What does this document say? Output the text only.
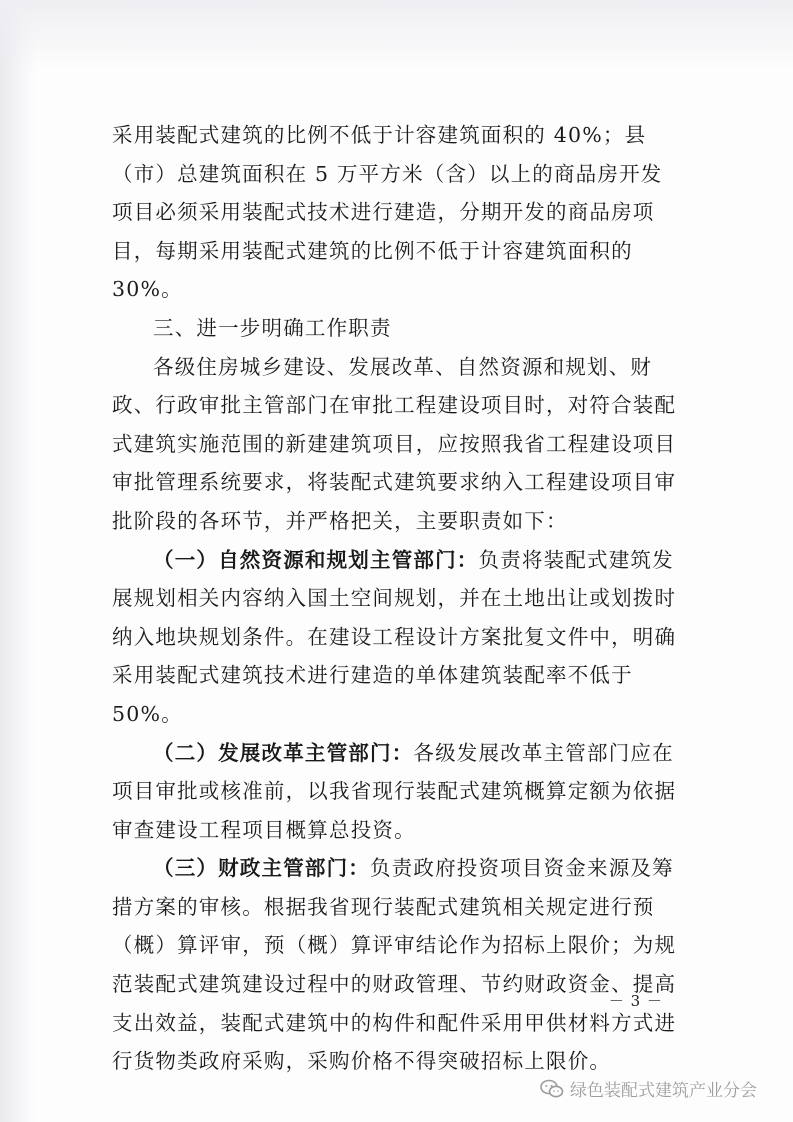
采用装配式建筑的比例不低于计容建筑面积的 40%；县（市）总建筑面积在 5 万平方米（含）以上的商品房开发项目必须采用装配式技术进行建造，分期开发的商品房项目，每期采用装配式建筑的比例不低于计容建筑面积的 30%。

三、进一步明确工作职责

各级住房城乡建设、发展改革、自然资源和规划、财政、行政审批主管部门在审批工程建设项目时，对符合装配式建筑实施范围的新建建筑项目，应按照我省工程建设项目审批管理系统要求，将装配式建筑要求纳入工程建设项目审批阶段的各环节，并严格把关，主要职责如下：

（一）自然资源和规划主管部门：负责将装配式建筑发展规划相关内容纳入国土空间规划，并在土地出让或划拨时纳入地块规划条件。在建设工程设计方案批复文件中，明确采用装配式建筑技术进行建造的单体建筑装配率不低于 50%。

（二）发展改革主管部门：各级发展改革主管部门应在项目审批或核准前，以我省现行装配式建筑概算定额为依据审查建设工程项目概算总投资。

（三）财政主管部门：负责政府投资项目资金来源及筹措方案的审核。根据我省现行装配式建筑相关规定进行预（概）算评审，预（概）算评审结论作为招标上限价；为规范装配式建筑建设过程中的财政管理、节约财政资金、提高支出效益，装配式建筑中的构件和配件采用甲供材料方式进行货物类政府采购，采购价格不得突破招标上限价。

－ 3 －
绿色装配式建筑产业分会
